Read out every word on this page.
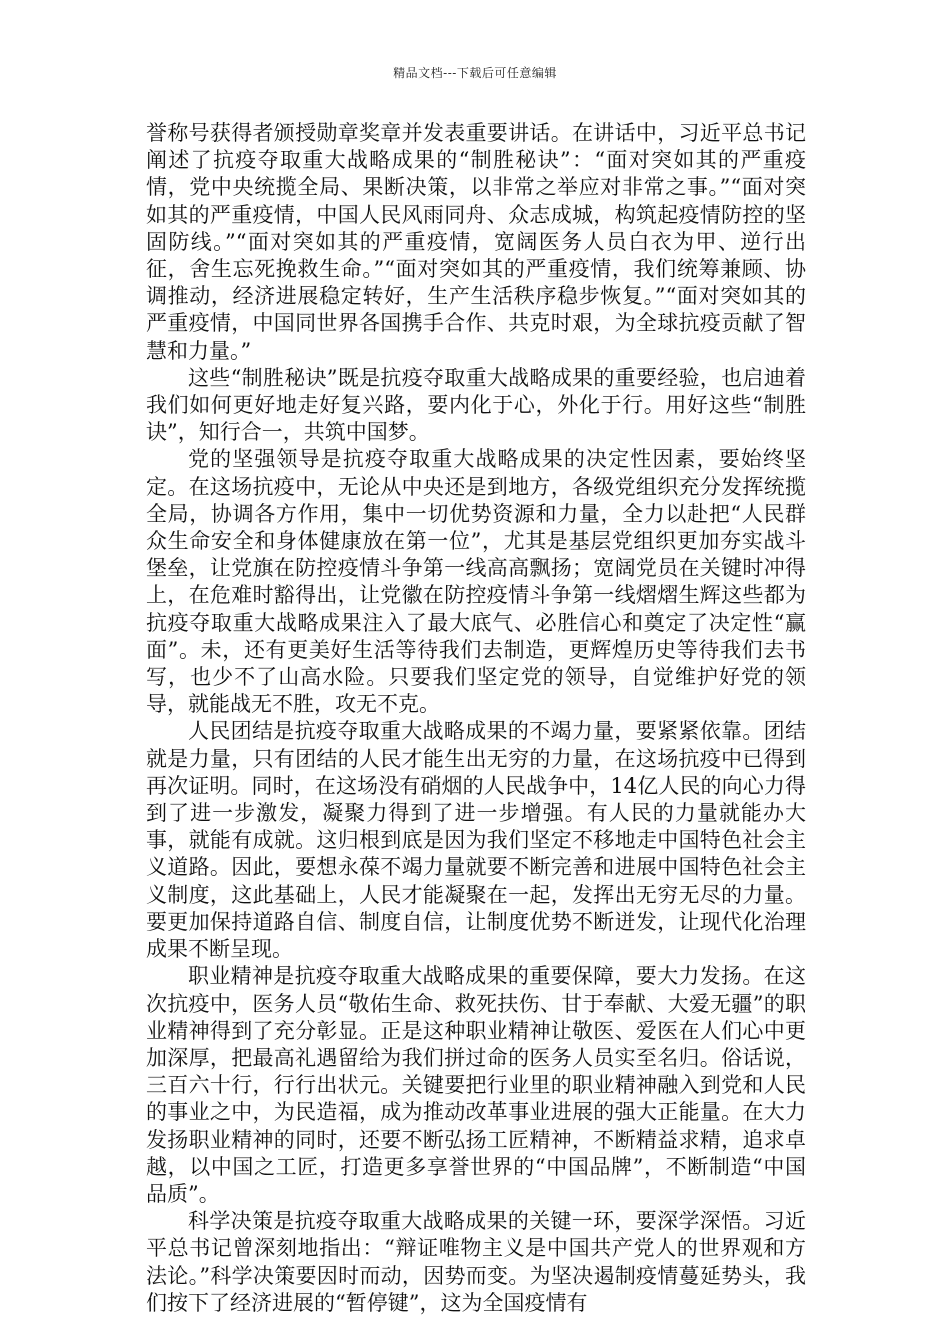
精品文档---下载后可任意编辑

誉称号获得者颁授勋章奖章并发表重要讲话。在讲话中，习近平总书记阐述了抗疫夺取重大战略成果的“制胜秘诀”：“面对突如其的严重疫情，党中央统揽全局、果断决策，以非常之举应对非常之事。”“面对突如其的严重疫情，中国人民风雨同舟、众志成城，构筑起疫情防控的坚固防线。”“面对突如其的严重疫情，宽阔医务人员白衣为甲、逆行出征，舍生忘死挽救生命。”“面对突如其的严重疫情，我们统筹兼顾、协调推动，经济进展稳定转好，生产生活秩序稳步恢复。”“面对突如其的严重疫情，中国同世界各国携手合作、共克时艰，为全球抗疫贡献了智慧和力量。”

这些“制胜秘诀”既是抗疫夺取重大战略成果的重要经验，也启迪着我们如何更好地走好复兴路，要内化于心，外化于行。用好这些“制胜诀”，知行合一，共筑中国梦。

党的坚强领导是抗疫夺取重大战略成果的决定性因素，要始终坚定。在这场抗疫中，无论从中央还是到地方，各级党组织充分发挥统揽全局，协调各方作用，集中一切优势资源和力量，全力以赴把“人民群众生命安全和身体健康放在第一位”，尤其是基层党组织更加夯实战斗堡垒，让党旗在防控疫情斗争第一线高高飘扬；宽阔党员在关键时冲得上，在危难时豁得出，让党徽在防控疫情斗争第一线熠熠生辉这些都为抗疫夺取重大战略成果注入了最大底气、必胜信心和奠定了决定性“赢面”。未，还有更美好生活等待我们去制造，更辉煌历史等待我们去书写，也少不了山高水险。只要我们坚定党的领导，自觉维护好党的领导，就能战无不胜，攻无不克。

人民团结是抗疫夺取重大战略成果的不竭力量，要紧紧依靠。团结就是力量，只有团结的人民才能生出无穷的力量，在这场抗疫中已得到再次证明。同时，在这场没有硝烟的人民战争中，14亿人民的向心力得到了进一步激发，凝聚力得到了进一步增强。有人民的力量就能办大事，就能有成就。这归根到底是因为我们坚定不移地走中国特色社会主义道路。因此，要想永葆不竭力量就要不断完善和进展中国特色社会主义制度，这此基础上，人民才能凝聚在一起，发挥出无穷无尽的力量。要更加保持道路自信、制度自信，让制度优势不断迸发，让现代化治理成果不断呈现。

职业精神是抗疫夺取重大战略成果的重要保障，要大力发扬。在这次抗疫中，医务人员“敬佑生命、救死扶伤、甘于奉献、大爱无疆”的职业精神得到了充分彰显。正是这种职业精神让敬医、爱医在人们心中更加深厚，把最高礼遇留给为我们拼过命的医务人员实至名归。俗话说，三百六十行，行行出状元。关键要把行业里的职业精神融入到党和人民的事业之中，为民造福，成为推动改革事业进展的强大正能量。在大力发扬职业精神的同时，还要不断弘扬工匠精神，不断精益求精，追求卓越，以中国之工匠，打造更多享誉世界的“中国品牌”，不断制造“中国品质”。

科学决策是抗疫夺取重大战略成果的关键一环，要深学深悟。习近平总书记曾深刻地指出：“辩证唯物主义是中国共产党人的世界观和方法论。”科学决策要因时而动，因势而变。为坚决遏制疫情蔓延势头，我们按下了经济进展的“暂停键”，这为全国疫情有
